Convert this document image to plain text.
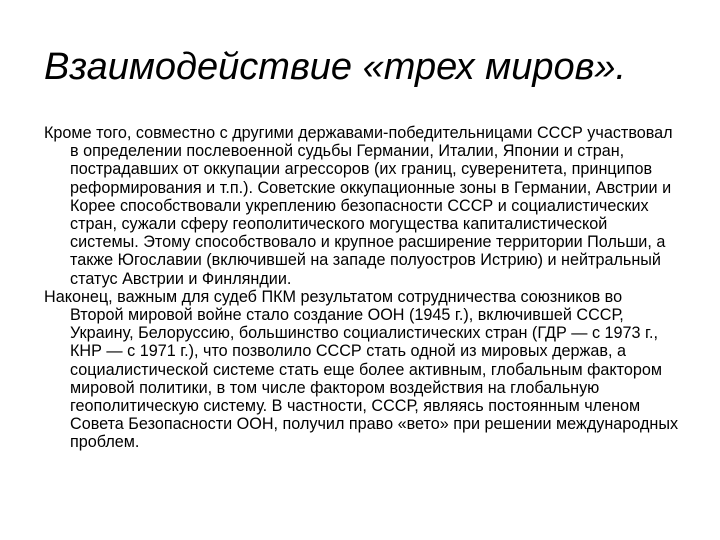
Взаимодействие «трех миров».

Кроме того, совместно с другими державами-победительницами СССР участвовал в определении послевоенной судьбы Германии, Италии, Японии и стран, пострадавших от оккупации агрессоров (их границ, суверенитета, принципов реформирования и т.п.). Советские оккупационные зоны в Германии, Австрии и Корее способствовали укреплению безопасности СССР и социалистических стран, сужали сферу геополитического могущества капиталистической системы. Этому способствовало и крупное расширение территории Польши, а также Югославии (включившей на западе полуостров Истрию) и нейтральный статус Австрии и Финляндии.

Наконец, важным для судеб ПКМ результатом сотрудничества союзников во Второй мировой войне стало создание ООН (1945 г.), включившей СССР, Украину, Белоруссию, большинство социалистических стран (ГДР — с 1973 г., КНР — с 1971 г.), что позволило СССР стать одной из мировых держав, а социалистической системе стать еще более активным, глобальным фактором мировой политики, в том числе фактором воздействия на глобальную геополитическую систему. В частности, СССР, являясь постоянным членом Совета Безопасности ООН, получил право «вето» при решении международных проблем.
